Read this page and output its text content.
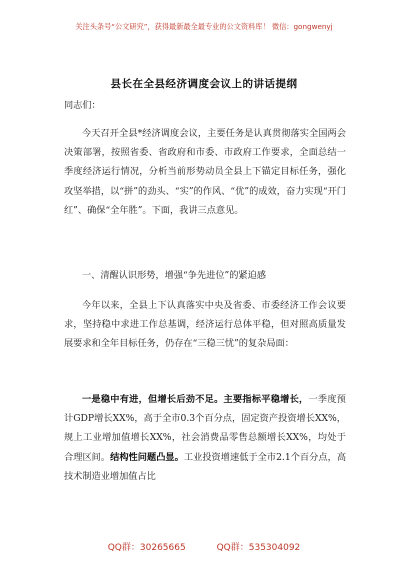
关注头条号“公文研究”，获得最新最全最专业的公文资料库！ 微信：gongwenyj
县长在全县经济调度会议上的讲话提纲
同志们：
今天召开全县*经济调度会议，主要任务是认真贯彻落实全国两会决策部署，按照省委、省政府和市委、市政府工作要求，全面总结一季度经济运行情况，分析当前形势动员全县上下锚定目标任务，强化攻坚举措，以“拼”的劲头、“实”的作风、“优”的成效，奋力实现“开门红”、确保“全年胜”。下面，我讲三点意见。
一、清醒认识形势，增强“争先进位”的紧迫感
今年以来，全县上下认真落实中央及省委、市委经济工作会议要求，坚持稳中求进工作总基调，经济运行总体平稳，但对照高质量发展要求和全年目标任务，仍存在“三稳三忧”的复杂局面：
一是稳中有进，但增长后劲不足。主要指标平稳增长，一季度预计GDP增长XX%，高于全市0.3个百分点，固定资产投资增长XX%，规上工业增加值增长XX%，社会消费品零售总额增长XX%，均处于合理区间。结构性问题凸显。工业投资增速低于全市2.1个百分点，高技术制造业增加值占比
QQ群：30265665	QQ群：535304092
